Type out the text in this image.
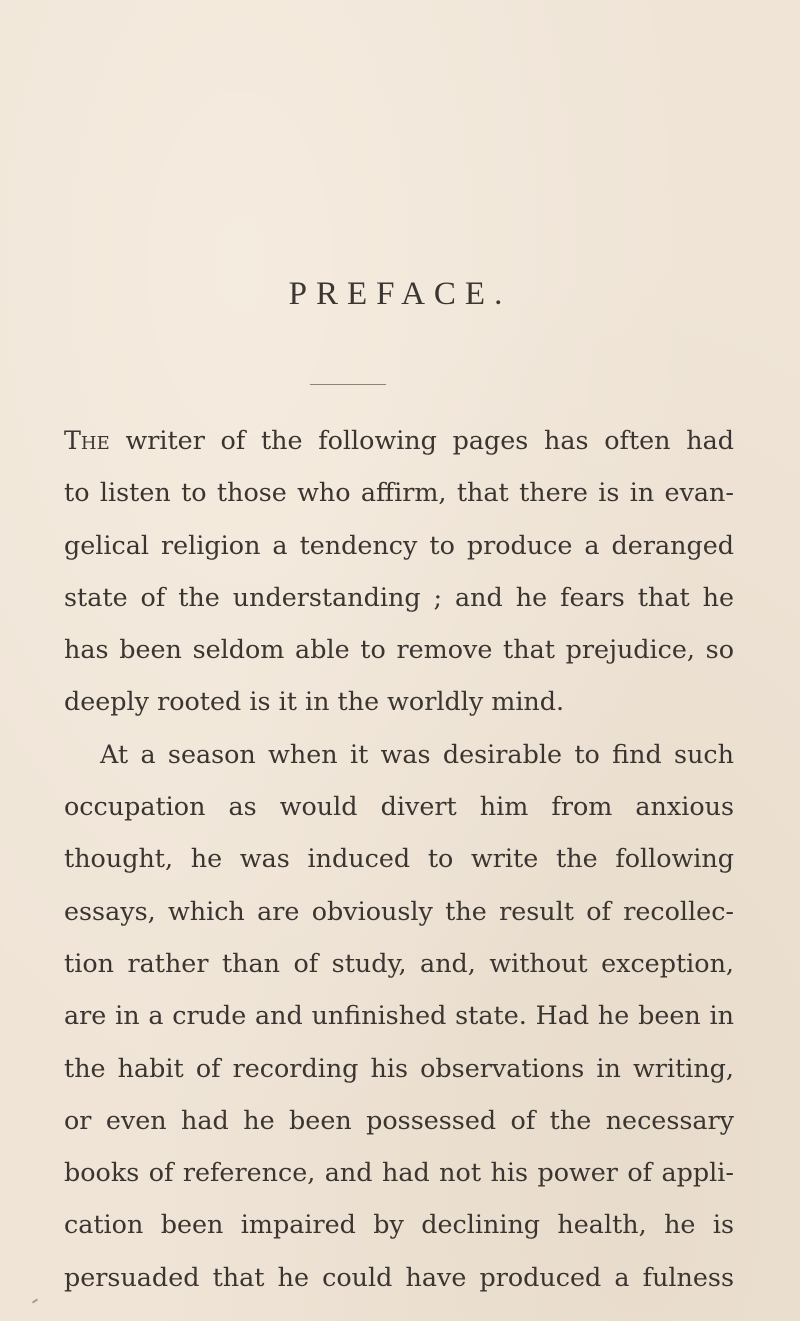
PREFACE.
The writer of the following pages has often had
to listen to those who affirm, that there is in evan-
gelical religion a tendency to produce a deranged
state of the understanding ; and he fears that he
has been seldom able to remove that prejudice, so
deeply rooted is it in the worldly mind.
At a season when it was desirable to find such
occupation as would divert him from anxious
thought, he was induced to write the following
essays, which are obviously the result of recollec-
tion rather than of study, and, without exception,
are in a crude and unfinished state. Had he been in
the habit of recording his observations in writing,
or even had he been possessed of the necessary
books of reference, and had not his power of appli-
cation been impaired by declining health, he is
persuaded that he could have produced a fulness
